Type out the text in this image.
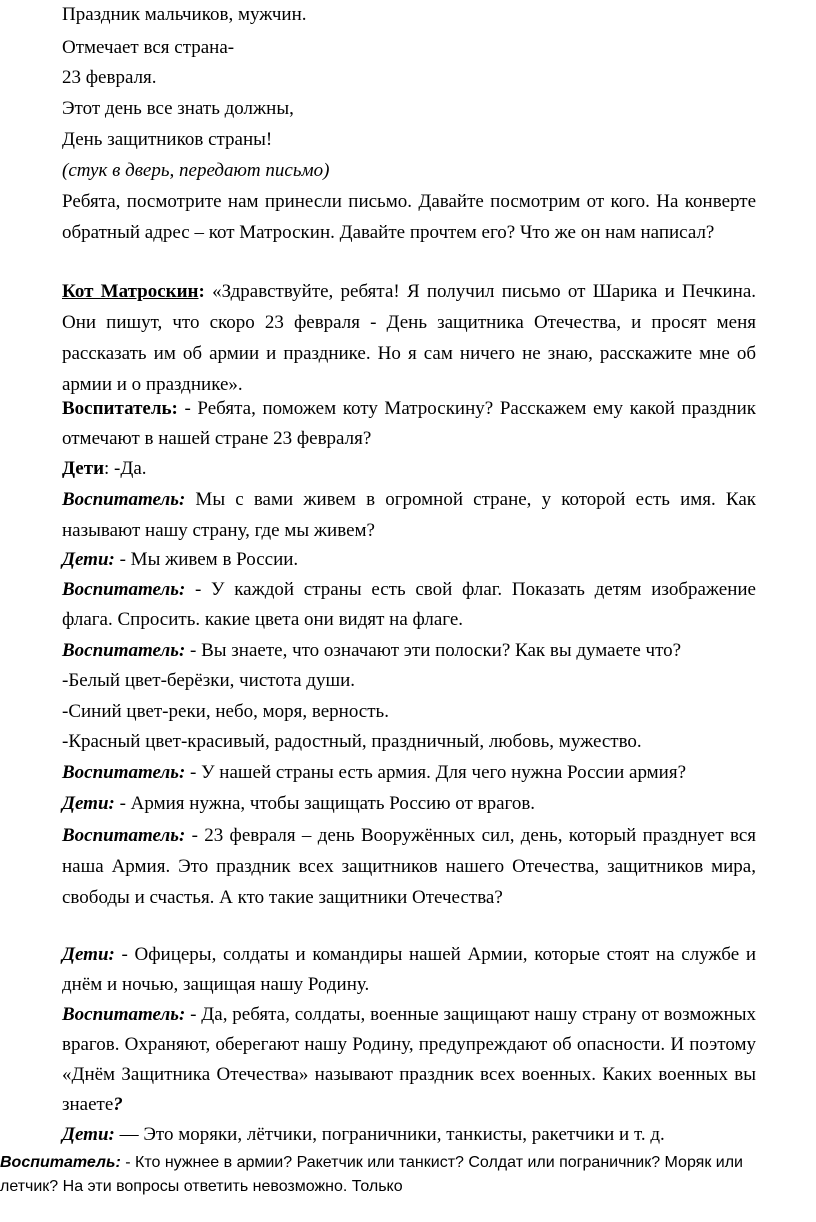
Праздник мальчиков, мужчин.

Отмечает вся страна-

23 февраля.

Этот день все знать должны,

День защитников страны!

(стук в дверь, передают письмо)

Ребята, посмотрите нам принесли письмо. Давайте посмотрим от кого. На конверте обратный адрес – кот Матроскин. Давайте прочтем его? Что же он нам написал?

Кот Матроскин: «Здравствуйте, ребята! Я получил письмо от Шарика и Печкина. Они пишут, что скоро 23 февраля - День защитника Отечества, и просят меня рассказать им об армии и празднике. Но я сам ничего не знаю, расскажите мне об армии и о празднике».

Воспитатель: - Ребята, поможем коту Матроскину? Расскажем ему какой праздник отмечают в нашей стране 23 февраля?

Дети: -Да.

Воспитатель: Мы с вами живем в огромной стране, у которой есть имя. Как называют нашу страну, где мы живем?

Дети: - Мы живем в России.

Воспитатель: - У каждой страны есть свой флаг. Показать детям изображение флага. Спросить. какие цвета они видят на флаге.

Воспитатель: - Вы знаете, что означают эти полоски? Как вы думаете что?

-Белый цвет-берёзки, чистота души.

-Синий цвет-реки, небо, моря, верность.

-Красный цвет-красивый, радостный, праздничный, любовь, мужество.

Воспитатель: - У нашей страны есть армия. Для чего нужна России армия?

Дети: - Армия нужна, чтобы защищать Россию от врагов.

Воспитатель: - 23 февраля – день Вооружённых сил, день, который празднует вся наша Армия. Это праздник всех защитников нашего Отечества, защитников мира, свободы и счастья. А кто такие защитники Отечества?

Дети: - Офицеры, солдаты и командиры нашей Армии, которые стоят на службе и днём и ночью, защищая нашу Родину.

Воспитатель: - Да, ребята, солдаты, военные защищают нашу страну от возможных врагов. Охраняют, оберегают нашу Родину, предупреждают об опасности. И поэтому «Днём Защитника Отечества» называют праздник всех военных. Каких военных вы знаете?

Дети: — Это моряки, лётчики, пограничники, танкисты, ракетчики и т. д.

Воспитатель: - Кто нужнее в армии? Ракетчик или танкист? Солдат или пограничник? Моряк или
летчик? На эти вопросы ответить невозможно. Только
